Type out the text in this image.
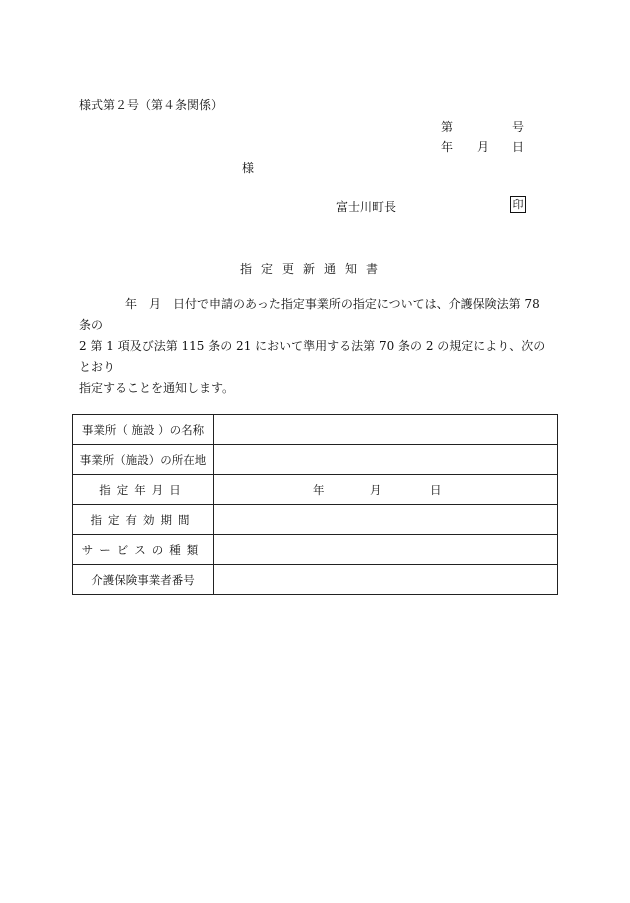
様式第２号（第４条関係）
第	号
年 月 日
様
富士川町長	印
指定更新通知書

年 月 日付で申請のあった指定事業所の指定については、介護保険法第 78 条の

2 第 1 項及び法第 115 条の 21 において準用する法第 70 条の 2 の規定により、次のとおり

指定することを通知します。

事業所（ 施設 ）の名称	
事業所（施設）の所在地	
指定年月日	年 月 日

指定有効期間	
サービスの種類	
介護保険事業者番号	
